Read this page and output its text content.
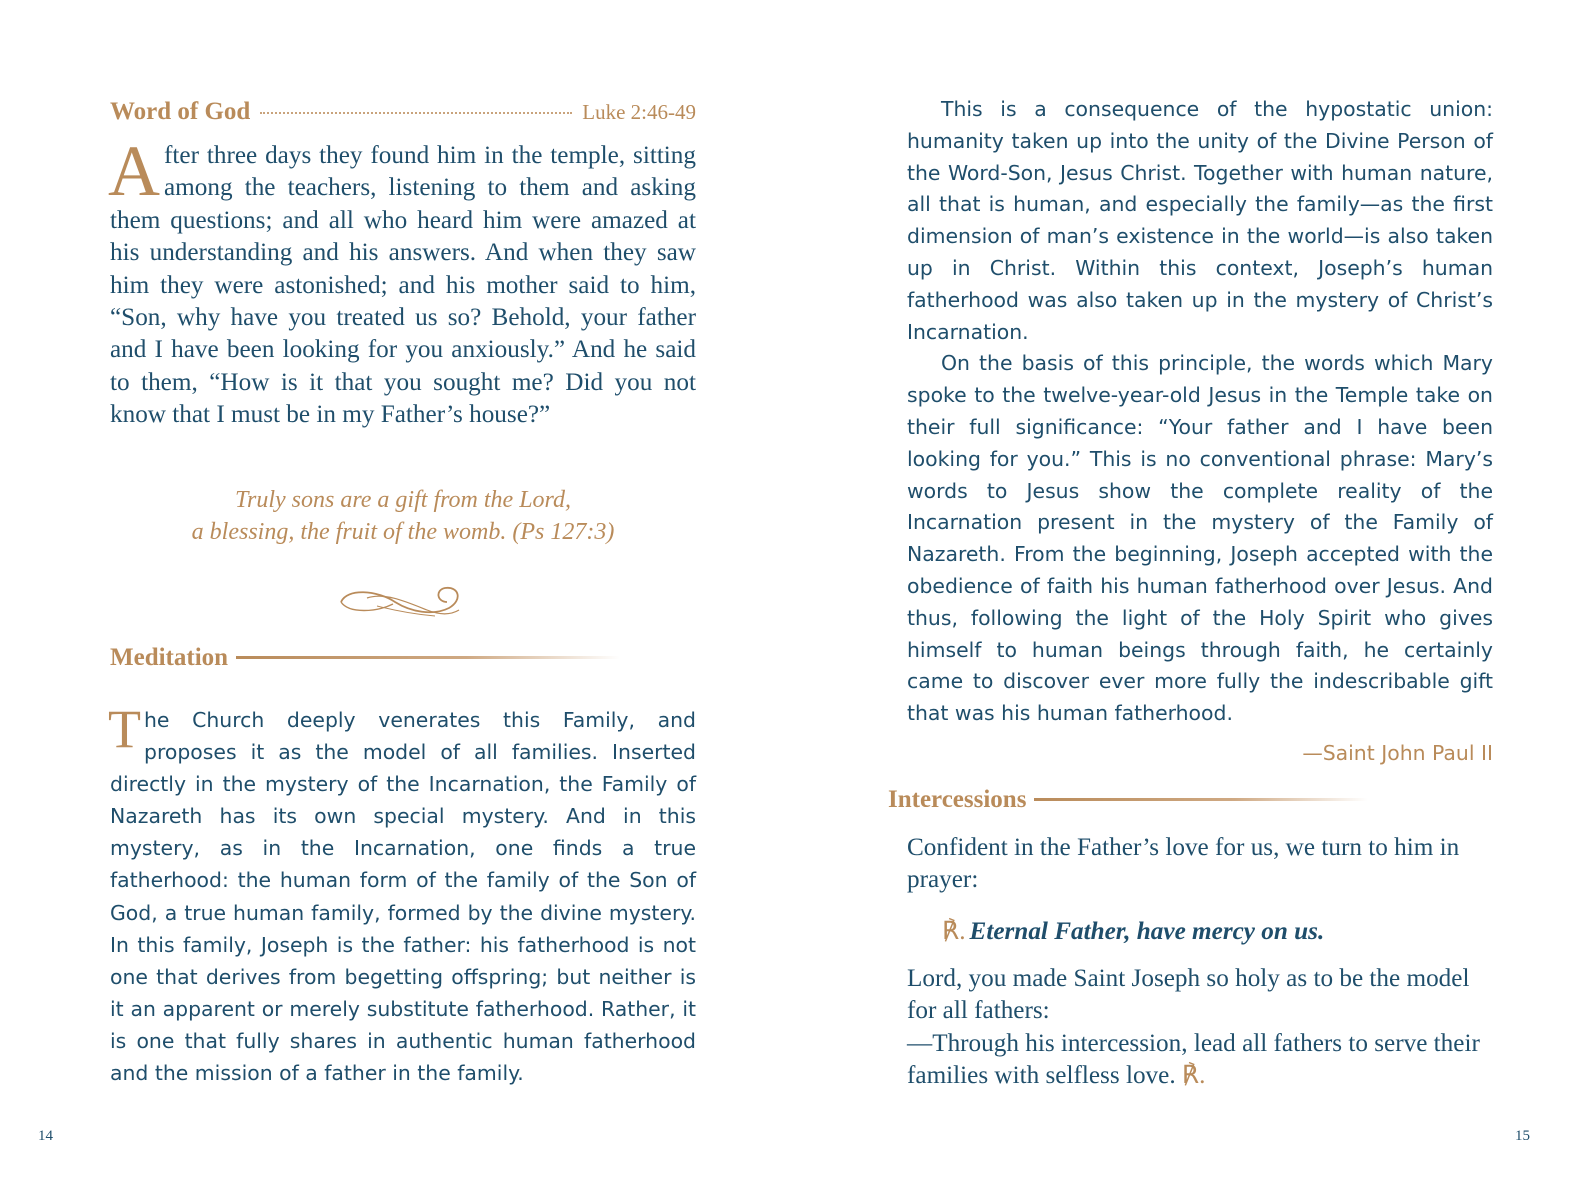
Word of God	Luke 2:46-49

After three days they found him in the temple, sitting among the teachers, listening to them and asking them questions; and all who heard him were amazed at his understanding and his answers. And when they saw him they were astonished; and his mother said to him, “Son, why have you treated us so? Behold, your father and I have been looking for you anxiously.” And he said to them, “How is it that you sought me? Did you not know that I must be in my Father’s house?”

Truly sons are a gift from the Lord,
a blessing, the fruit of the womb. (Ps 127:3)
Meditation

The Church deeply venerates this Family, and proposes it as the model of all families. Inserted directly in the mystery of the Incarnation, the Family of Nazareth has its own special mystery. And in this mystery, as in the Incarnation, one finds a true fatherhood: the human form of the family of the Son of God, a true human family, formed by the divine mystery. In this family, Joseph is the father: his fatherhood is not one that derives from begetting offspring; but neither is it an apparent or merely substitute fatherhood. Rather, it is one that fully shares in authentic human fatherhood and the mission of a father in the family.

14

This is a consequence of the hypostatic union: humanity taken up into the unity of the Divine Person of the Word-Son, Jesus Christ. Together with human nature, all that is human, and especially the family—as the first dimension of man’s existence in the world—is also taken up in Christ. Within this context, Joseph’s human fatherhood was also taken up in the mystery of Christ’s Incarnation.

On the basis of this principle, the words which Mary spoke to the twelve-year-old Jesus in the Temple take on their full significance: “Your father and I have been looking for you.” This is no conventional phrase: Mary’s words to Jesus show the complete reality of the Incarnation present in the mystery of the Family of Nazareth. From the beginning, Joseph accepted with the obedience of faith his human fatherhood over Jesus. And thus, following the light of the Holy Spirit who gives himself to human beings through faith, he certainly came to discover ever more fully the indescribable gift that was his human fatherhood.

—Saint John Paul II
Intercessions
Confident in the Father’s love for us, we turn to him in prayer:
℟. Eternal Father, have mercy on us.

Lord, you made Saint Joseph so holy as to be the model for all fathers:

—Through his intercession, lead all fathers to serve their families with selfless love. ℟.

15
